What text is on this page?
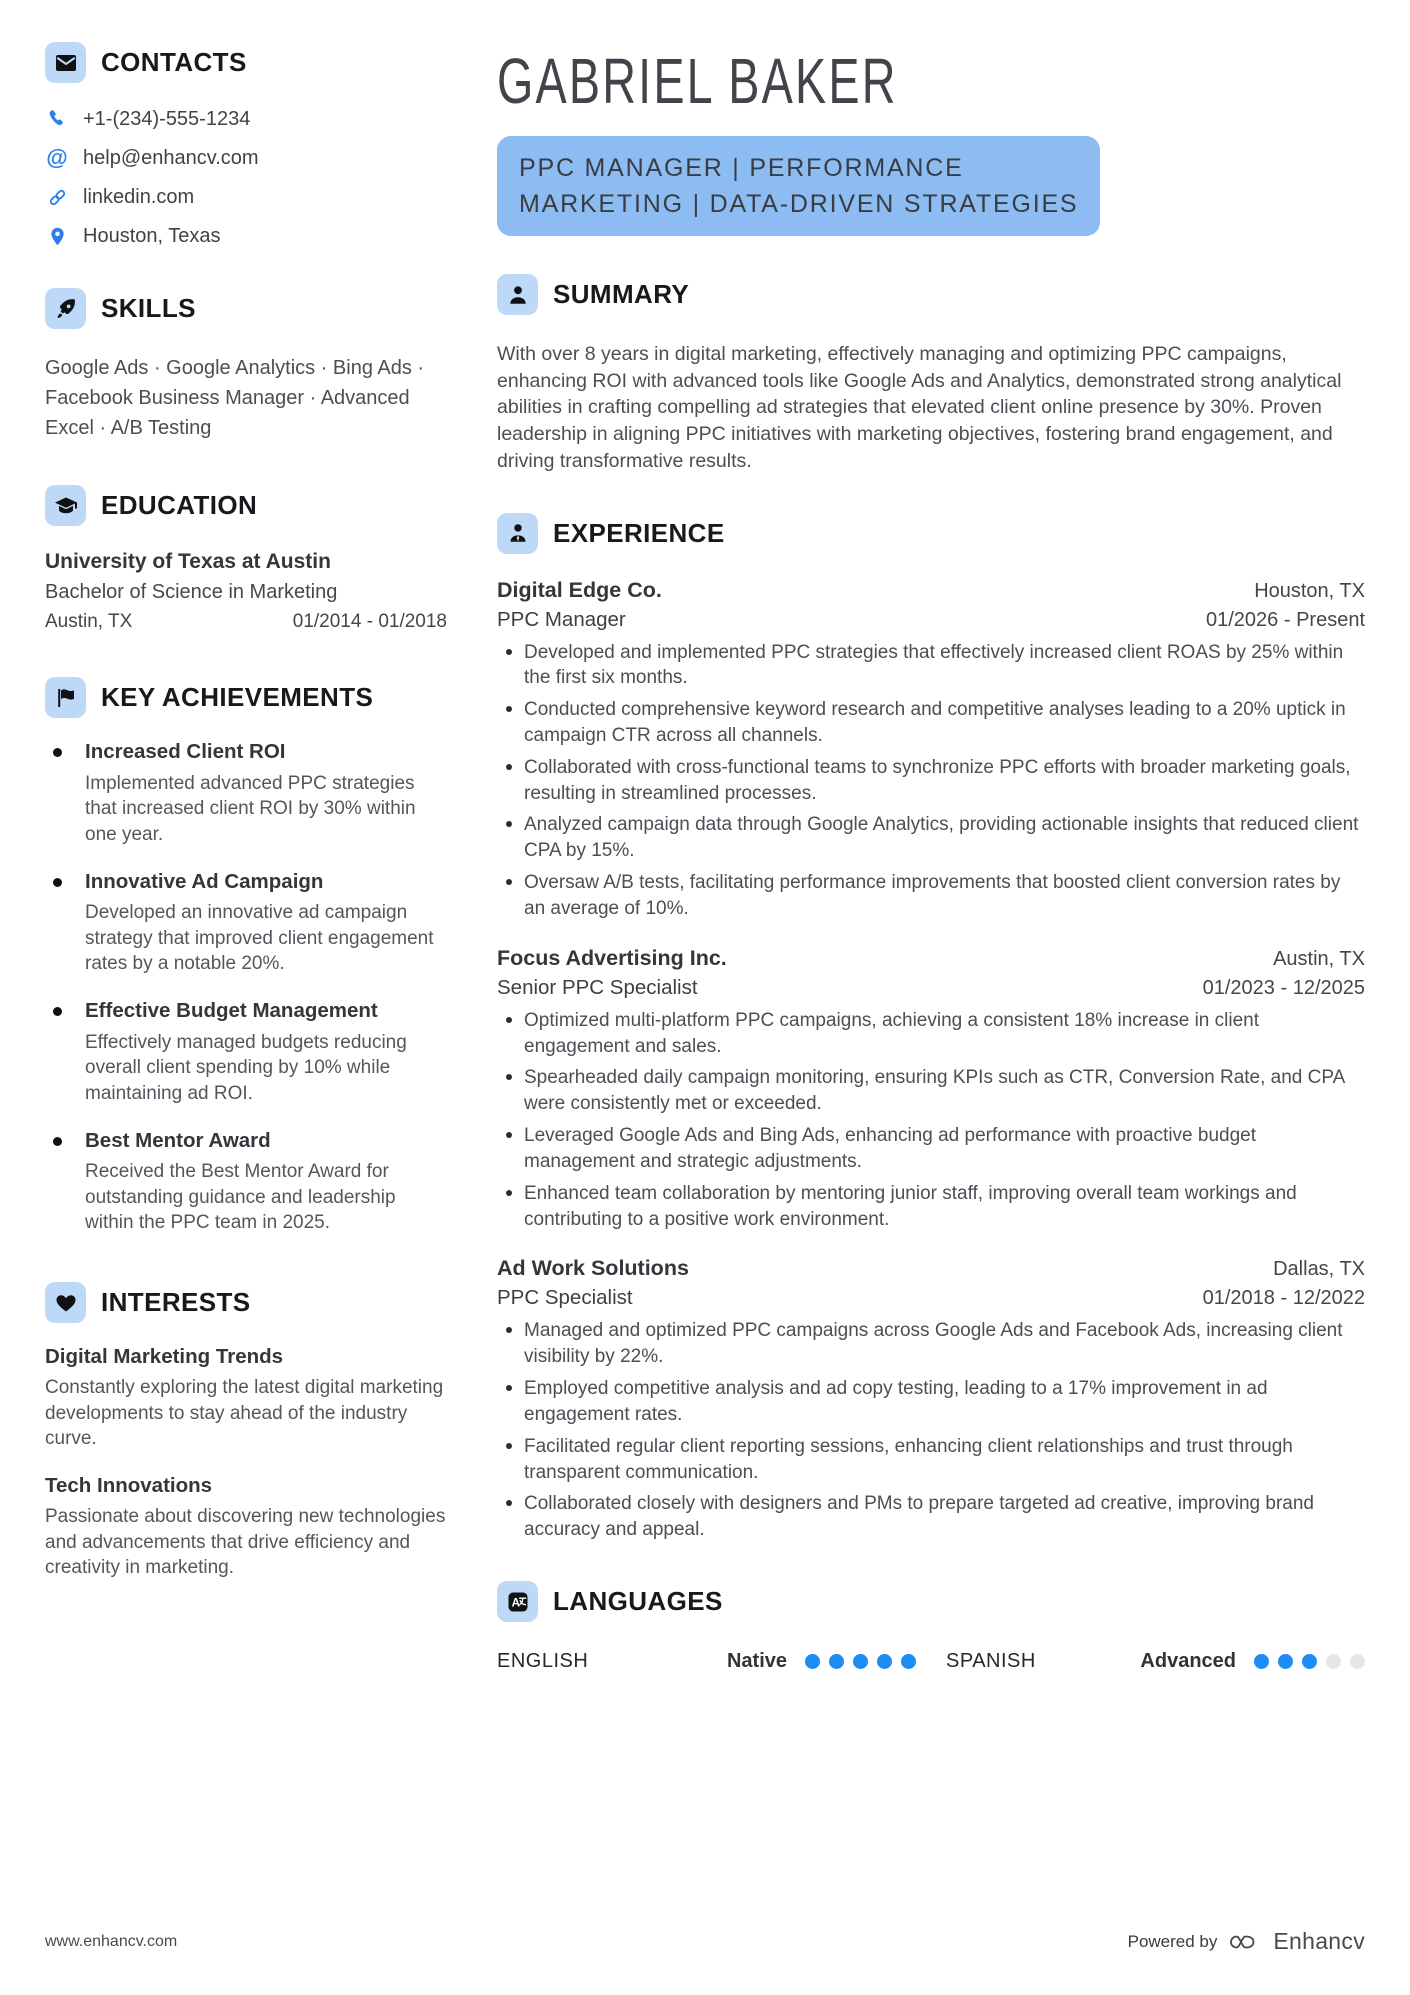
CONTACTS
+1-(234)-555-1234
@ help@enhancv.com
linkedin.com
Houston, Texas
SKILLS

Google Ads · Google Analytics · Bing Ads · Facebook Business Manager · Advanced Excel · A/B Testing

EDUCATION
University of Texas at Austin
Bachelor of Science in Marketing
Austin, TX	01/2014 - 01/2018
KEY ACHIEVEMENTS
Increased Client ROI
Implemented advanced PPC strategies that increased client ROI by 30% within one year.
Innovative Ad Campaign
Developed an innovative ad campaign strategy that improved client engagement rates by a notable 20%.
Effective Budget Management
Effectively managed budgets reducing overall client spending by 10% while maintaining ad ROI.
Best Mentor Award
Received the Best Mentor Award for outstanding guidance and leadership within the PPC team in 2025.
INTERESTS
Digital Marketing Trends
Constantly exploring the latest digital marketing developments to stay ahead of the industry curve.
Tech Innovations
Passionate about discovering new technologies and advancements that drive efficiency and creativity in marketing.
GABRIEL BAKER
PPC MANAGER | PERFORMANCE
MARKETING | DATA-DRIVEN STRATEGIES
SUMMARY

With over 8 years in digital marketing, effectively managing and optimizing PPC campaigns, enhancing ROI with advanced tools like Google Ads and Analytics, demonstrated strong analytical abilities in crafting compelling ad strategies that elevated client online presence by 30%. Proven leadership in aligning PPC initiatives with marketing objectives, fostering brand engagement, and driving transformative results.

EXPERIENCE
Digital Edge Co.	Houston, TX
PPC Manager	01/2026 - Present
Developed and implemented PPC strategies that effectively increased client ROAS by 25% within the first six months.
Conducted comprehensive keyword research and competitive analyses leading to a 20% uptick in campaign CTR across all channels.
Collaborated with cross-functional teams to synchronize PPC efforts with broader marketing goals, resulting in streamlined processes.
Analyzed campaign data through Google Analytics, providing actionable insights that reduced client CPA by 15%.
Oversaw A/B tests, facilitating performance improvements that boosted client conversion rates by an average of 10%.
Focus Advertising Inc.	Austin, TX
Senior PPC Specialist	01/2023 - 12/2025
Optimized multi-platform PPC campaigns, achieving a consistent 18% increase in client engagement and sales.
Spearheaded daily campaign monitoring, ensuring KPIs such as CTR, Conversion Rate, and CPA were consistently met or exceeded.
Leveraged Google Ads and Bing Ads, enhancing ad performance with proactive budget management and strategic adjustments.
Enhanced team collaboration by mentoring junior staff, improving overall team workings and contributing to a positive work environment.
Ad Work Solutions	Dallas, TX
PPC Specialist	01/2018 - 12/2022
Managed and optimized PPC campaigns across Google Ads and Facebook Ads, increasing client visibility by 22%.
Employed competitive analysis and ad copy testing, leading to a 17% improvement in ad engagement rates.
Facilitated regular client reporting sessions, enhancing client relationships and trust through transparent communication.
Collaborated closely with designers and PMs to prepare targeted ad creative, improving brand accuracy and appeal.
A LANGUAGES
ENGLISH	Native	SPANISH	Advanced
www.enhancv.com	Powered by Enhancv
